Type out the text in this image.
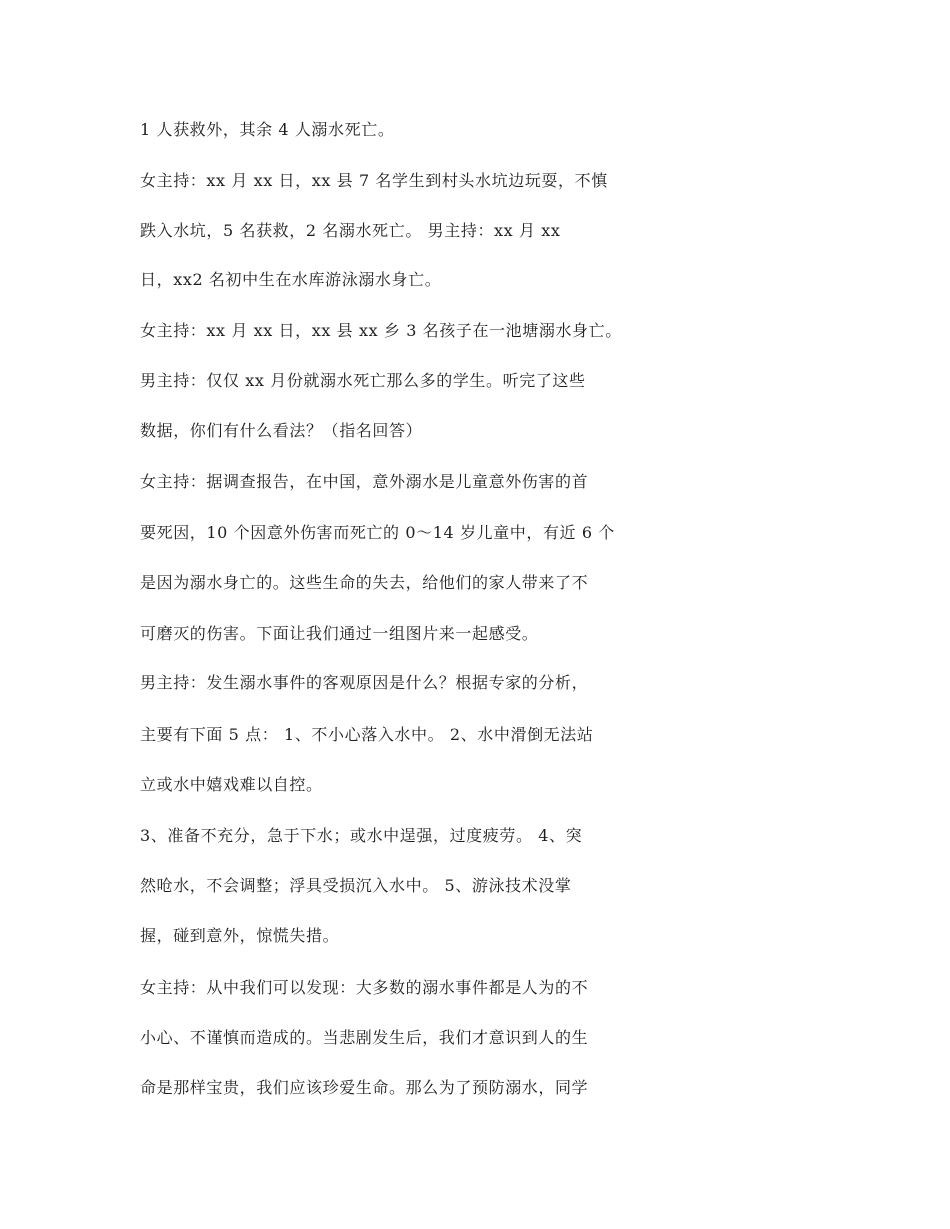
1 人获救外，其余 4 人溺水死亡。
女主持：xx 月 xx 日，xx 县 7 名学生到村头水坑边玩耍，不慎
跌入水坑，5 名获救，2 名溺水死亡。 男主持：xx 月 xx
日，xx2 名初中生在水库游泳溺水身亡。
女主持：xx 月 xx 日，xx 县 xx 乡 3 名孩子在一池塘溺水身亡。
男主持：仅仅 xx 月份就溺水死亡那么多的学生。听完了这些
数据，你们有什么看法？（指名回答）
女主持：据调查报告，在中国，意外溺水是儿童意外伤害的首
要死因，10 个因意外伤害而死亡的 0～14 岁儿童中，有近 6 个
是因为溺水身亡的。这些生命的失去，给他们的家人带来了不
可磨灭的伤害。下面让我们通过一组图片来一起感受。
男主持：发生溺水事件的客观原因是什么？根据专家的分析，
主要有下面 5 点： 1、不小心落入水中。 2、水中滑倒无法站
立或水中嬉戏难以自控。
3、准备不充分，急于下水；或水中逞强，过度疲劳。 4、突
然呛水，不会调整；浮具受损沉入水中。 5、游泳技术没掌
握，碰到意外，惊慌失措。
女主持：从中我们可以发现：大多数的溺水事件都是人为的不
小心、不谨慎而造成的。当悲剧发生后，我们才意识到人的生
命是那样宝贵，我们应该珍爱生命。那么为了预防溺水，同学
